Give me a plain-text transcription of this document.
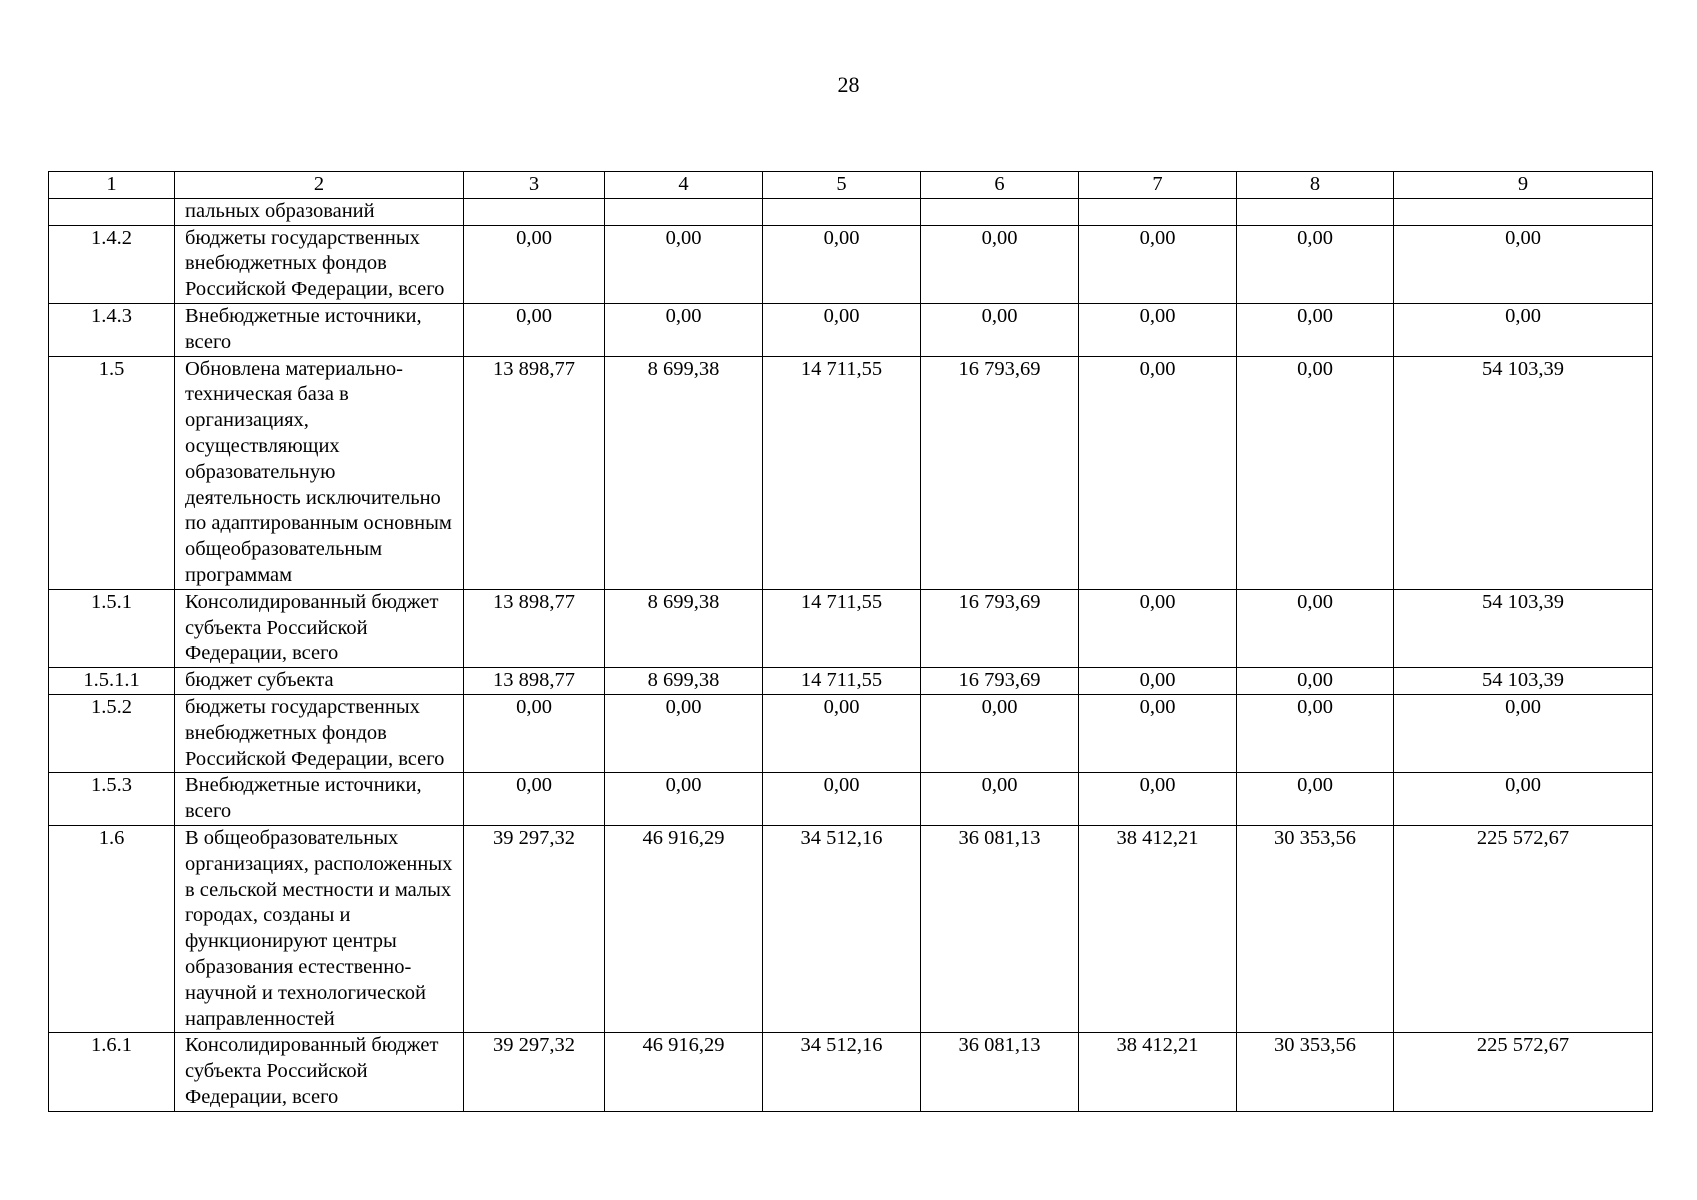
28
1	2	3	4	5	6	7	8	9
	пальных образований							
1.4.2	бюджеты государственных внебюджетных фондов Российской Федерации, всего	0,00	0,00	0,00	0,00	0,00	0,00	0,00
1.4.3	Внебюджетные источники, всего	0,00	0,00	0,00	0,00	0,00	0,00	0,00
1.5	Обновлена материально-техническая база в организациях, осуществляющих образовательную деятельность исключительно по адаптированным основным общеобразовательным программам	13 898,77	8 699,38	14 711,55	16 793,69	0,00	0,00	54 103,39
1.5.1	Консолидированный бюджет субъекта Российской Федерации, всего	13 898,77	8 699,38	14 711,55	16 793,69	0,00	0,00	54 103,39
1.5.1.1	бюджет субъекта	13 898,77	8 699,38	14 711,55	16 793,69	0,00	0,00	54 103,39
1.5.2	бюджеты государственных внебюджетных фондов Российской Федерации, всего	0,00	0,00	0,00	0,00	0,00	0,00	0,00
1.5.3	Внебюджетные источники, всего	0,00	0,00	0,00	0,00	0,00	0,00	0,00
1.6	В общеобразовательных организациях, расположенных в сельской местности и малых городах, созданы и функционируют центры образования естественно-научной и технологической направленностей	39 297,32	46 916,29	34 512,16	36 081,13	38 412,21	30 353,56	225 572,67
1.6.1	Консолидированный бюджет субъекта Российской Федерации, всего	39 297,32	46 916,29	34 512,16	36 081,13	38 412,21	30 353,56	225 572,67
